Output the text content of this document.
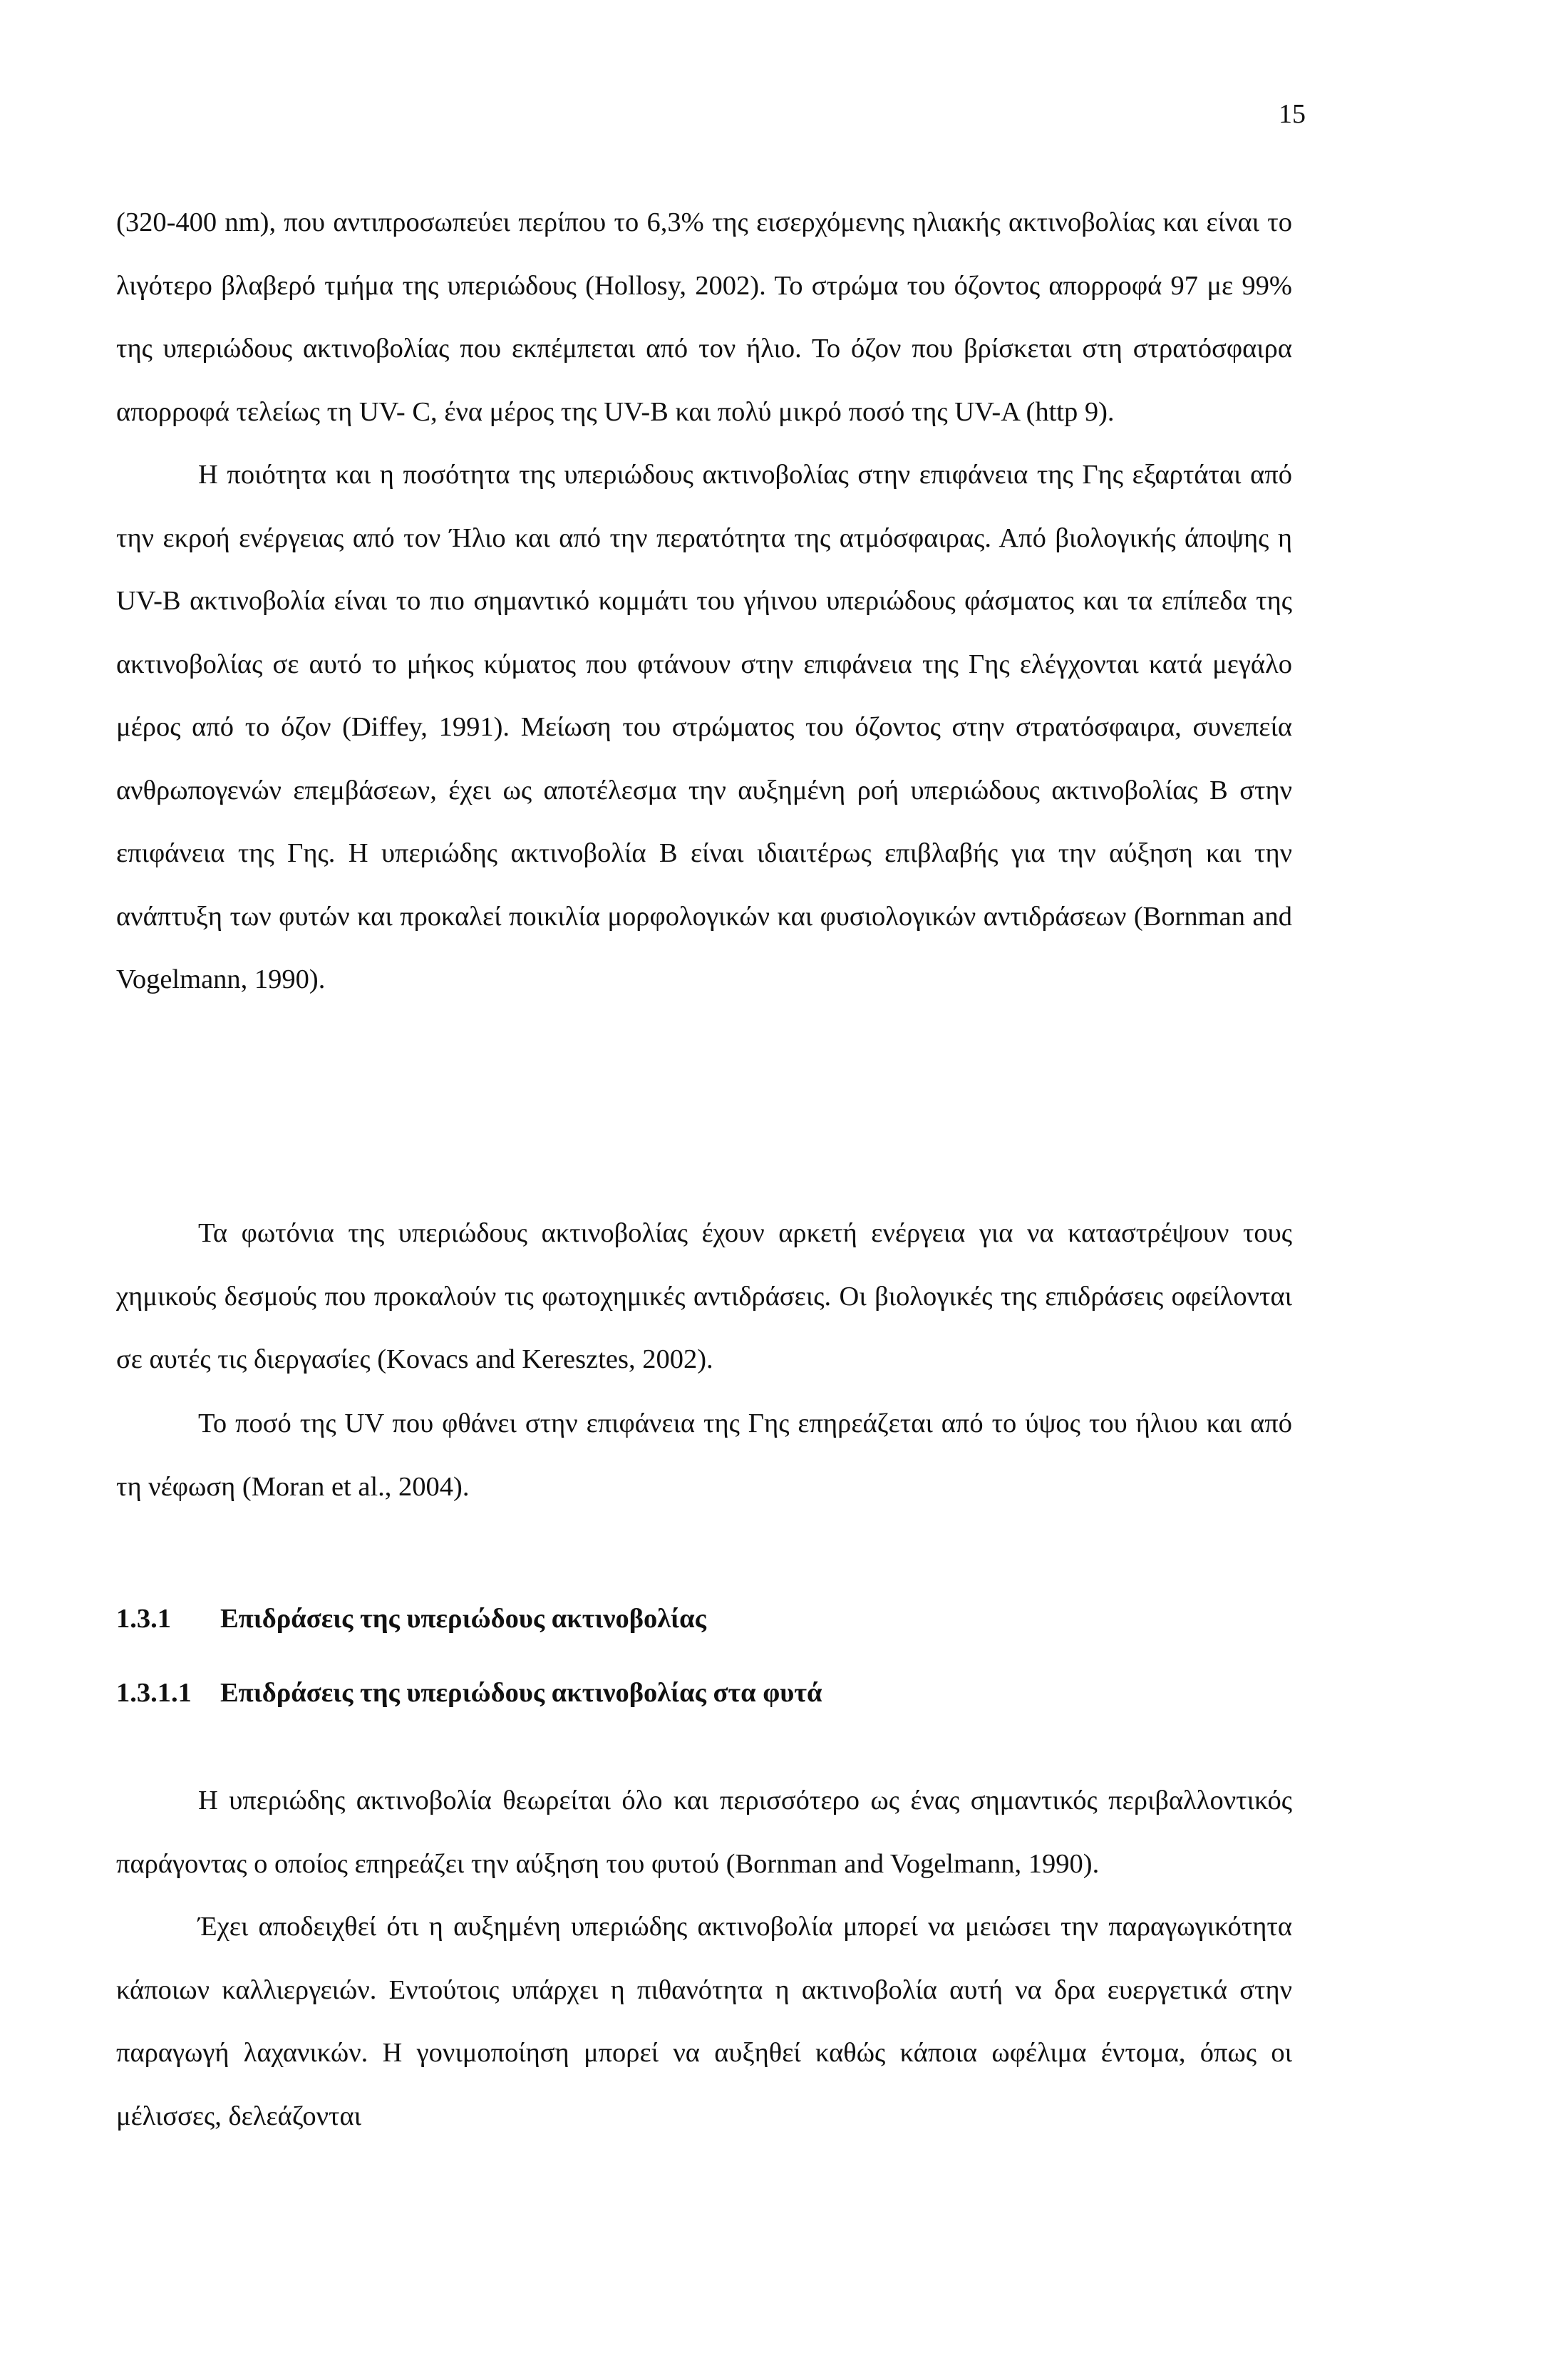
15

(320-400 nm), που αντιπροσωπεύει περίπου το 6,3% της εισερχόμενης ηλιακής ακτινοβολίας και είναι το λιγότερο βλαβερό τμήμα της υπεριώδους (Hollosy, 2002). Το στρώμα του όζοντος απορροφά 97 με 99% της υπεριώδους ακτινοβολίας που εκπέμπεται από τον ήλιο. Το όζον που βρίσκεται στη στρατόσφαιρα απορροφά τελείως τη UV- C, ένα μέρος της UV-B και πολύ μικρό ποσό της UV-A (http 9).

Η ποιότητα και η ποσότητα της υπεριώδους ακτινοβολίας στην επιφάνεια της Γης εξαρτάται από την εκροή ενέργειας από τον Ήλιο και από την περατότητα της ατμόσφαιρας. Από βιολογικής άποψης η UV-B ακτινοβολία είναι το πιο σημαντικό κομμάτι του γήινου υπεριώδους φάσματος και τα επίπεδα της ακτινοβολίας σε αυτό το μήκος κύματος που φτάνουν στην επιφάνεια της Γης ελέγχονται κατά μεγάλο μέρος από το όζον (Diffey, 1991). Μείωση του στρώματος του όζοντος στην στρατόσφαιρα, συνεπεία ανθρωπογενών επεμβάσεων, έχει ως αποτέλεσμα την αυξημένη ροή υπεριώδους ακτινοβολίας Β στην επιφάνεια της Γης. Η υπεριώδης ακτινοβολία Β είναι ιδιαιτέρως επιβλαβής για την αύξηση και την ανάπτυξη των φυτών και προκαλεί ποικιλία μορφολογικών και φυσιολογικών αντιδράσεων (Bornman and Vogelmann, 1990).

Τα φωτόνια της υπεριώδους ακτινοβολίας έχουν αρκετή ενέργεια για να καταστρέψουν τους χημικούς δεσμούς που προκαλούν τις φωτοχημικές αντιδράσεις. Οι βιολογικές της επιδράσεις οφείλονται σε αυτές τις διεργασίες (Kovacs and Keresztes, 2002).

Το ποσό της UV που φθάνει στην επιφάνεια της Γης επηρεάζεται από το ύψος του ήλιου και από τη νέφωση (Moran et al., 2004).

1.3.1 Επιδράσεις της υπεριώδους ακτινοβολίας
1.3.1.1 Επιδράσεις της υπεριώδους ακτινοβολίας στα φυτά

Η υπεριώδης ακτινοβολία θεωρείται όλο και περισσότερο ως ένας σημαντικός περιβαλλοντικός παράγοντας ο οποίος επηρεάζει την αύξηση του φυτού (Bornman and Vogelmann, 1990).

Έχει αποδειχθεί ότι η αυξημένη υπεριώδης ακτινοβολία μπορεί να μειώσει την παραγωγικότητα κάποιων καλλιεργειών. Εντούτοις υπάρχει η πιθανότητα η ακτινοβολία αυτή να δρα ευεργετικά στην παραγωγή λαχανικών. Η γονιμοποίηση μπορεί να αυξηθεί καθώς κάποια ωφέλιμα έντομα, όπως οι μέλισσες, δελεάζονται
